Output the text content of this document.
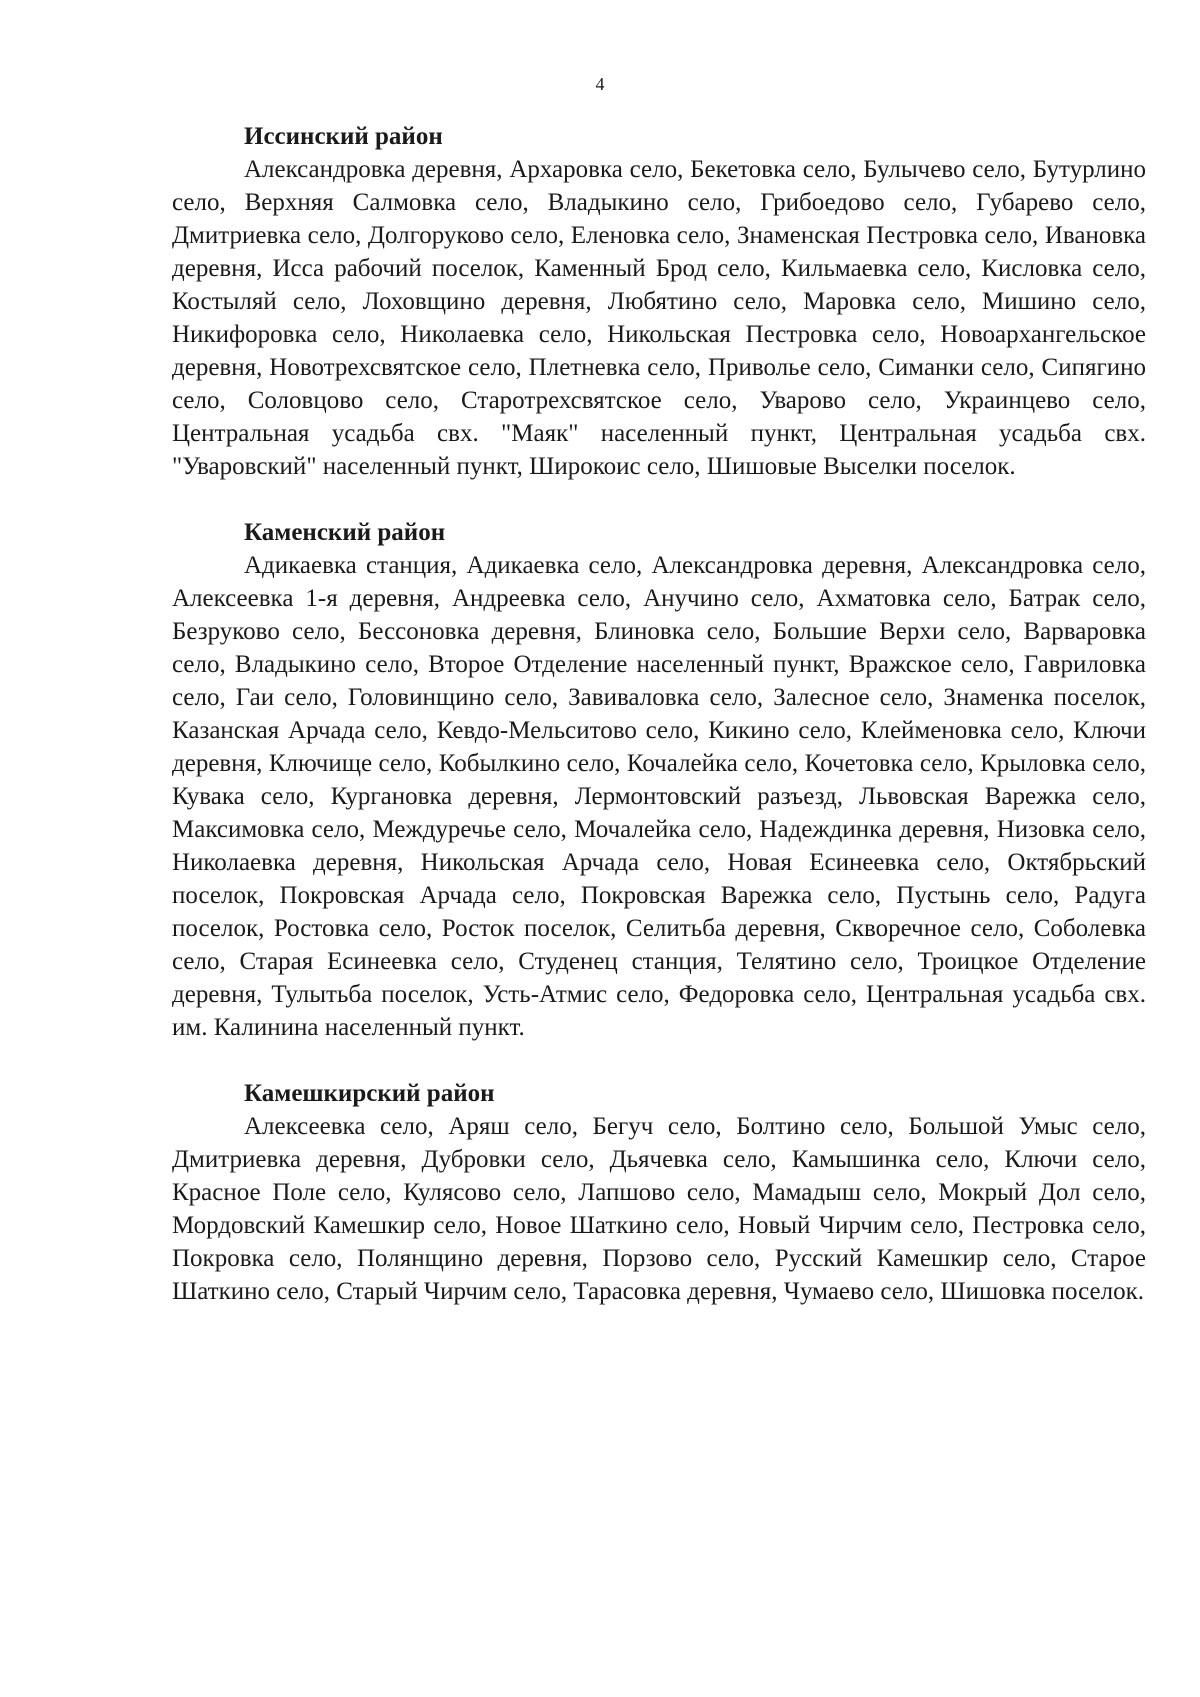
4

Иссинский район

Александровка деревня, Архаровка село, Бекетовка село, Булычево село, Бутурлино село, Верхняя Салмовка село, Владыкино село, Грибоедово село, Губарево село, Дмитриевка село, Долгоруково село, Еленовка село, Знаменская Пестровка село, Ивановка деревня, Исса рабочий поселок, Каменный Брод село, Кильмаевка село, Кисловка село, Костыляй село, Лоховщино деревня, Любятино село, Маровка село, Мишино село, Никифоровка село, Николаевка село, Никольская Пестровка село, Новоархангельское деревня, Новотрехсвятское село, Плетневка село, Приволье село, Симанки село, Сипягино село, Соловцово село, Старотрехсвятское село, Уварово село, Украинцево село, Центральная усадьба свх. "Маяк" населенный пункт, Центральная усадьба свх. "Уваровский" населенный пункт, Широкоис село, Шишовые Выселки поселок.

Каменский район

Адикаевка станция, Адикаевка село, Александровка деревня, Александровка село, Алексеевка 1-я деревня, Андреевка село, Анучино село, Ахматовка село, Батрак село, Безруково село, Бессоновка деревня, Блиновка село, Большие Верхи село, Варваровка село, Владыкино село, Второе Отделение населенный пункт, Вражское село, Гавриловка село, Гаи село, Головинщино село, Завиваловка село, Залесное село, Знаменка поселок, Казанская Арчада село, Кевдо-Мельситово село, Кикино село, Клейменовка село, Ключи деревня, Ключище село, Кобылкино село, Кочалейка село, Кочетовка село, Крыловка село, Кувака село, Кургановка деревня, Лермонтовский разъезд, Львовская Варежка село, Максимовка село, Междуречье село, Мочалейка село, Надеждинка деревня, Низовка село, Николаевка деревня, Никольская Арчада село, Новая Есинеевка село, Октябрьский поселок, Покровская Арчада село, Покровская Варежка село, Пустынь село, Радуга поселок, Ростовка село, Росток поселок, Селитьба деревня, Скворечное село, Соболевка село, Старая Есинеевка село, Студенец станция, Телятино село, Троицкое Отделение деревня, Тулытьба поселок, Усть-Атмис село, Федоровка село, Центральная усадьба свх. им. Калинина населенный пункт.

Камешкирский район

Алексеевка село, Аряш село, Бегуч село, Болтино село, Большой Умыс село, Дмитриевка деревня, Дубровки село, Дьячевка село, Камышинка село, Ключи село, Красное Поле село, Кулясово село, Лапшово село, Мамадыш село, Мокрый Дол село, Мордовский Камешкир село, Новое Шаткино село, Новый Чирчим село, Пестровка село, Покровка село, Полянщино деревня, Порзово село, Русский Камешкир село, Старое Шаткино село, Старый Чирчим село, Тарасовка деревня, Чумаево село, Шишовка поселок.
